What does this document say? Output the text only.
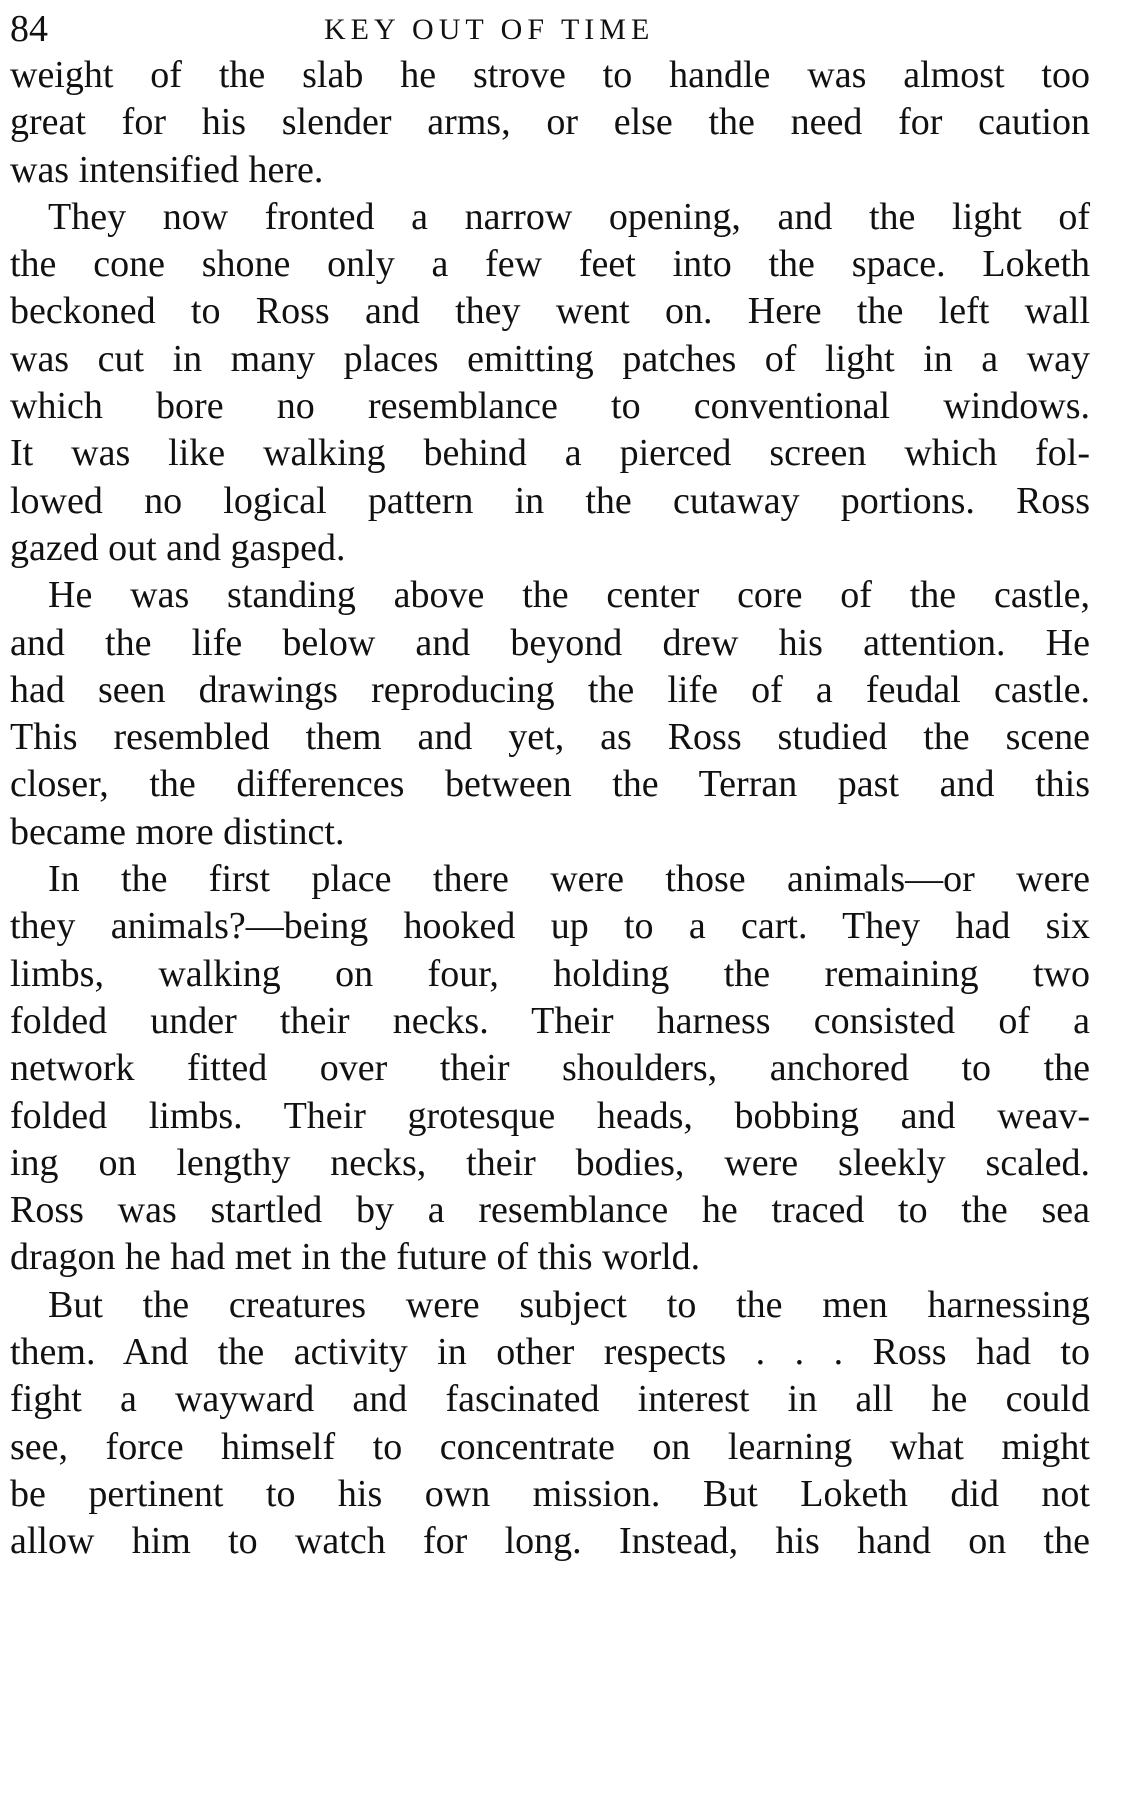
84	KEY OUT OF TIME
weight of the slab he strove to handle was almost too
great for his slender arms, or else the need for caution
was intensified here.
They now fronted a narrow opening, and the light of
the cone shone only a few feet into the space. Loketh
beckoned to Ross and they went on. Here the left wall
was cut in many places emitting patches of light in a way
which bore no resemblance to conventional windows.
It was like walking behind a pierced screen which fol-
lowed no logical pattern in the cutaway portions. Ross
gazed out and gasped.
He was standing above the center core of the castle,
and the life below and beyond drew his attention. He
had seen drawings reproducing the life of a feudal castle.
This resembled them and yet, as Ross studied the scene
closer, the differences between the Terran past and this
became more distinct.
In the first place there were those animals—or were
they animals?—being hooked up to a cart. They had six
limbs, walking on four, holding the remaining two
folded under their necks. Their harness consisted of a
network fitted over their shoulders, anchored to the
folded limbs. Their grotesque heads, bobbing and weav-
ing on lengthy necks, their bodies, were sleekly scaled.
Ross was startled by a resemblance he traced to the sea
dragon he had met in the future of this world.
But the creatures were subject to the men harnessing
them. And the activity in other respects . . . Ross had to
fight a wayward and fascinated interest in all he could
see, force himself to concentrate on learning what might
be pertinent to his own mission. But Loketh did not
allow him to watch for long. Instead, his hand on the
